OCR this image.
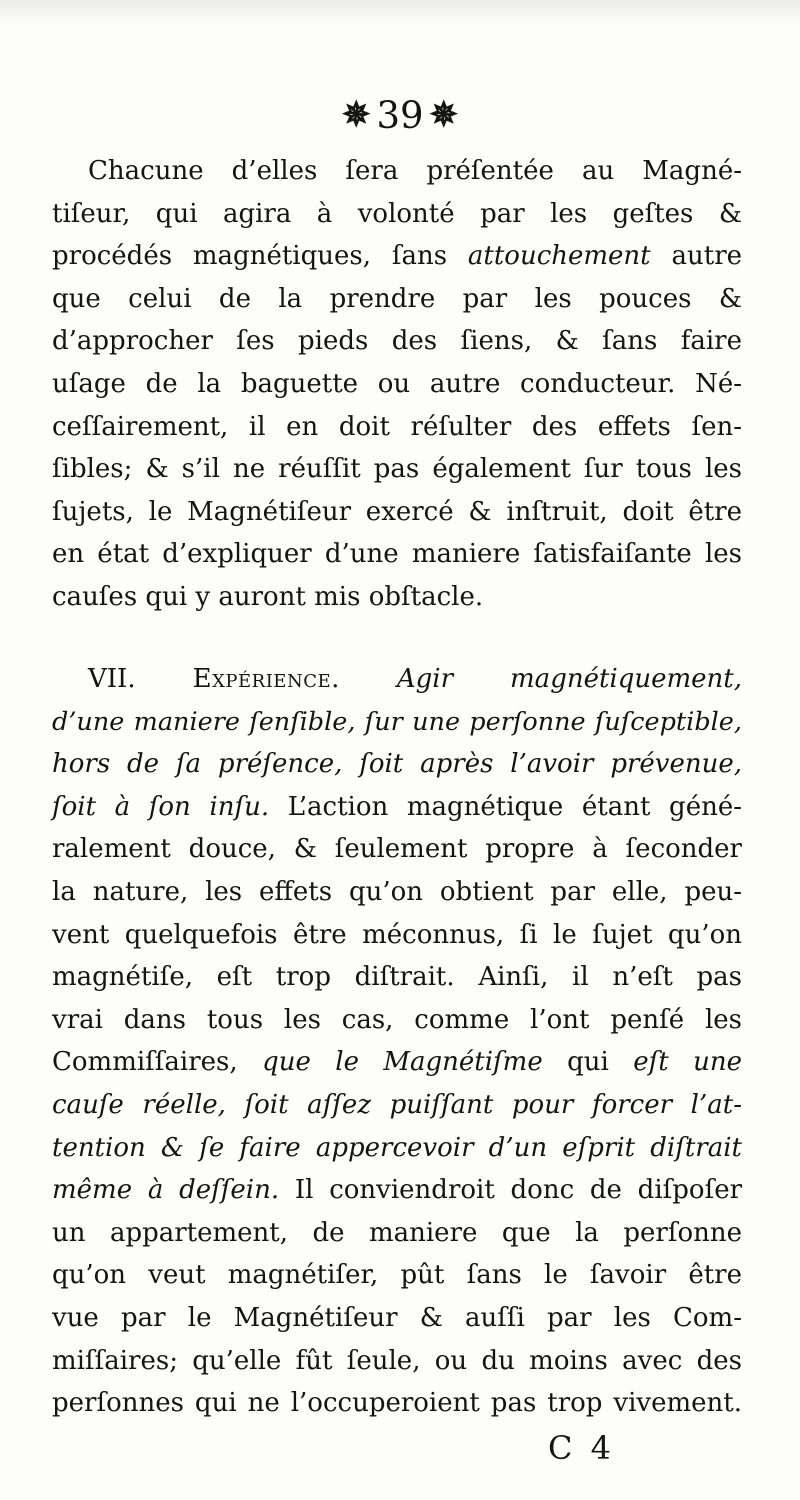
✵ 39 ✵
Chacune d’elles ſera préſentée au Magné-
tiſeur, qui agira à volonté par les geſtes &
procédés magnétiques, ſans attouchement autre
que celui de la prendre par les pouces &
d’approcher ſes pieds des ſiens, & ſans faire
uſage de la baguette ou autre conducteur. Né-
ceſſairement, il en doit réſulter des effets ſen-
ſibles; & s’il ne réuſſit pas également ſur tous les
ſujets, le Magnétiſeur exercé & inſtruit, doit être
en état d’expliquer d’une maniere ſatisfaiſante les
cauſes qui y auront mis obſtacle.
VII. Expérience. Agir magnétiquement,
d’une maniere ſenſible, ſur une perſonne ſuſceptible,
hors de ſa préſence, ſoit après l’avoir prévenue,
ſoit à ſon inſu. L’action magnétique étant géné-
ralement douce, & ſeulement propre à ſeconder
la nature, les effets qu’on obtient par elle, peu-
vent quelquefois être méconnus, ſi le ſujet qu’on
magnétiſe, eſt trop diſtrait. Ainſi, il n’eſt pas
vrai dans tous les cas, comme l’ont penſé les
Commiſſaires, que le Magnétiſme qui eſt une
cauſe réelle, ſoit aſſez puiſſant pour forcer l’at-
tention & ſe faire appercevoir d’un eſprit diſtrait
même à deſſein. Il conviendroit donc de diſpoſer
un appartement, de maniere que la perſonne
qu’on veut magnétiſer, pût ſans le ſavoir être
vue par le Magnétiſeur & auſſi par les Com-
miſſaires; qu’elle fût ſeule, ou du moins avec des
perſonnes qui ne l’occuperoient pas trop vivement.
C 4
